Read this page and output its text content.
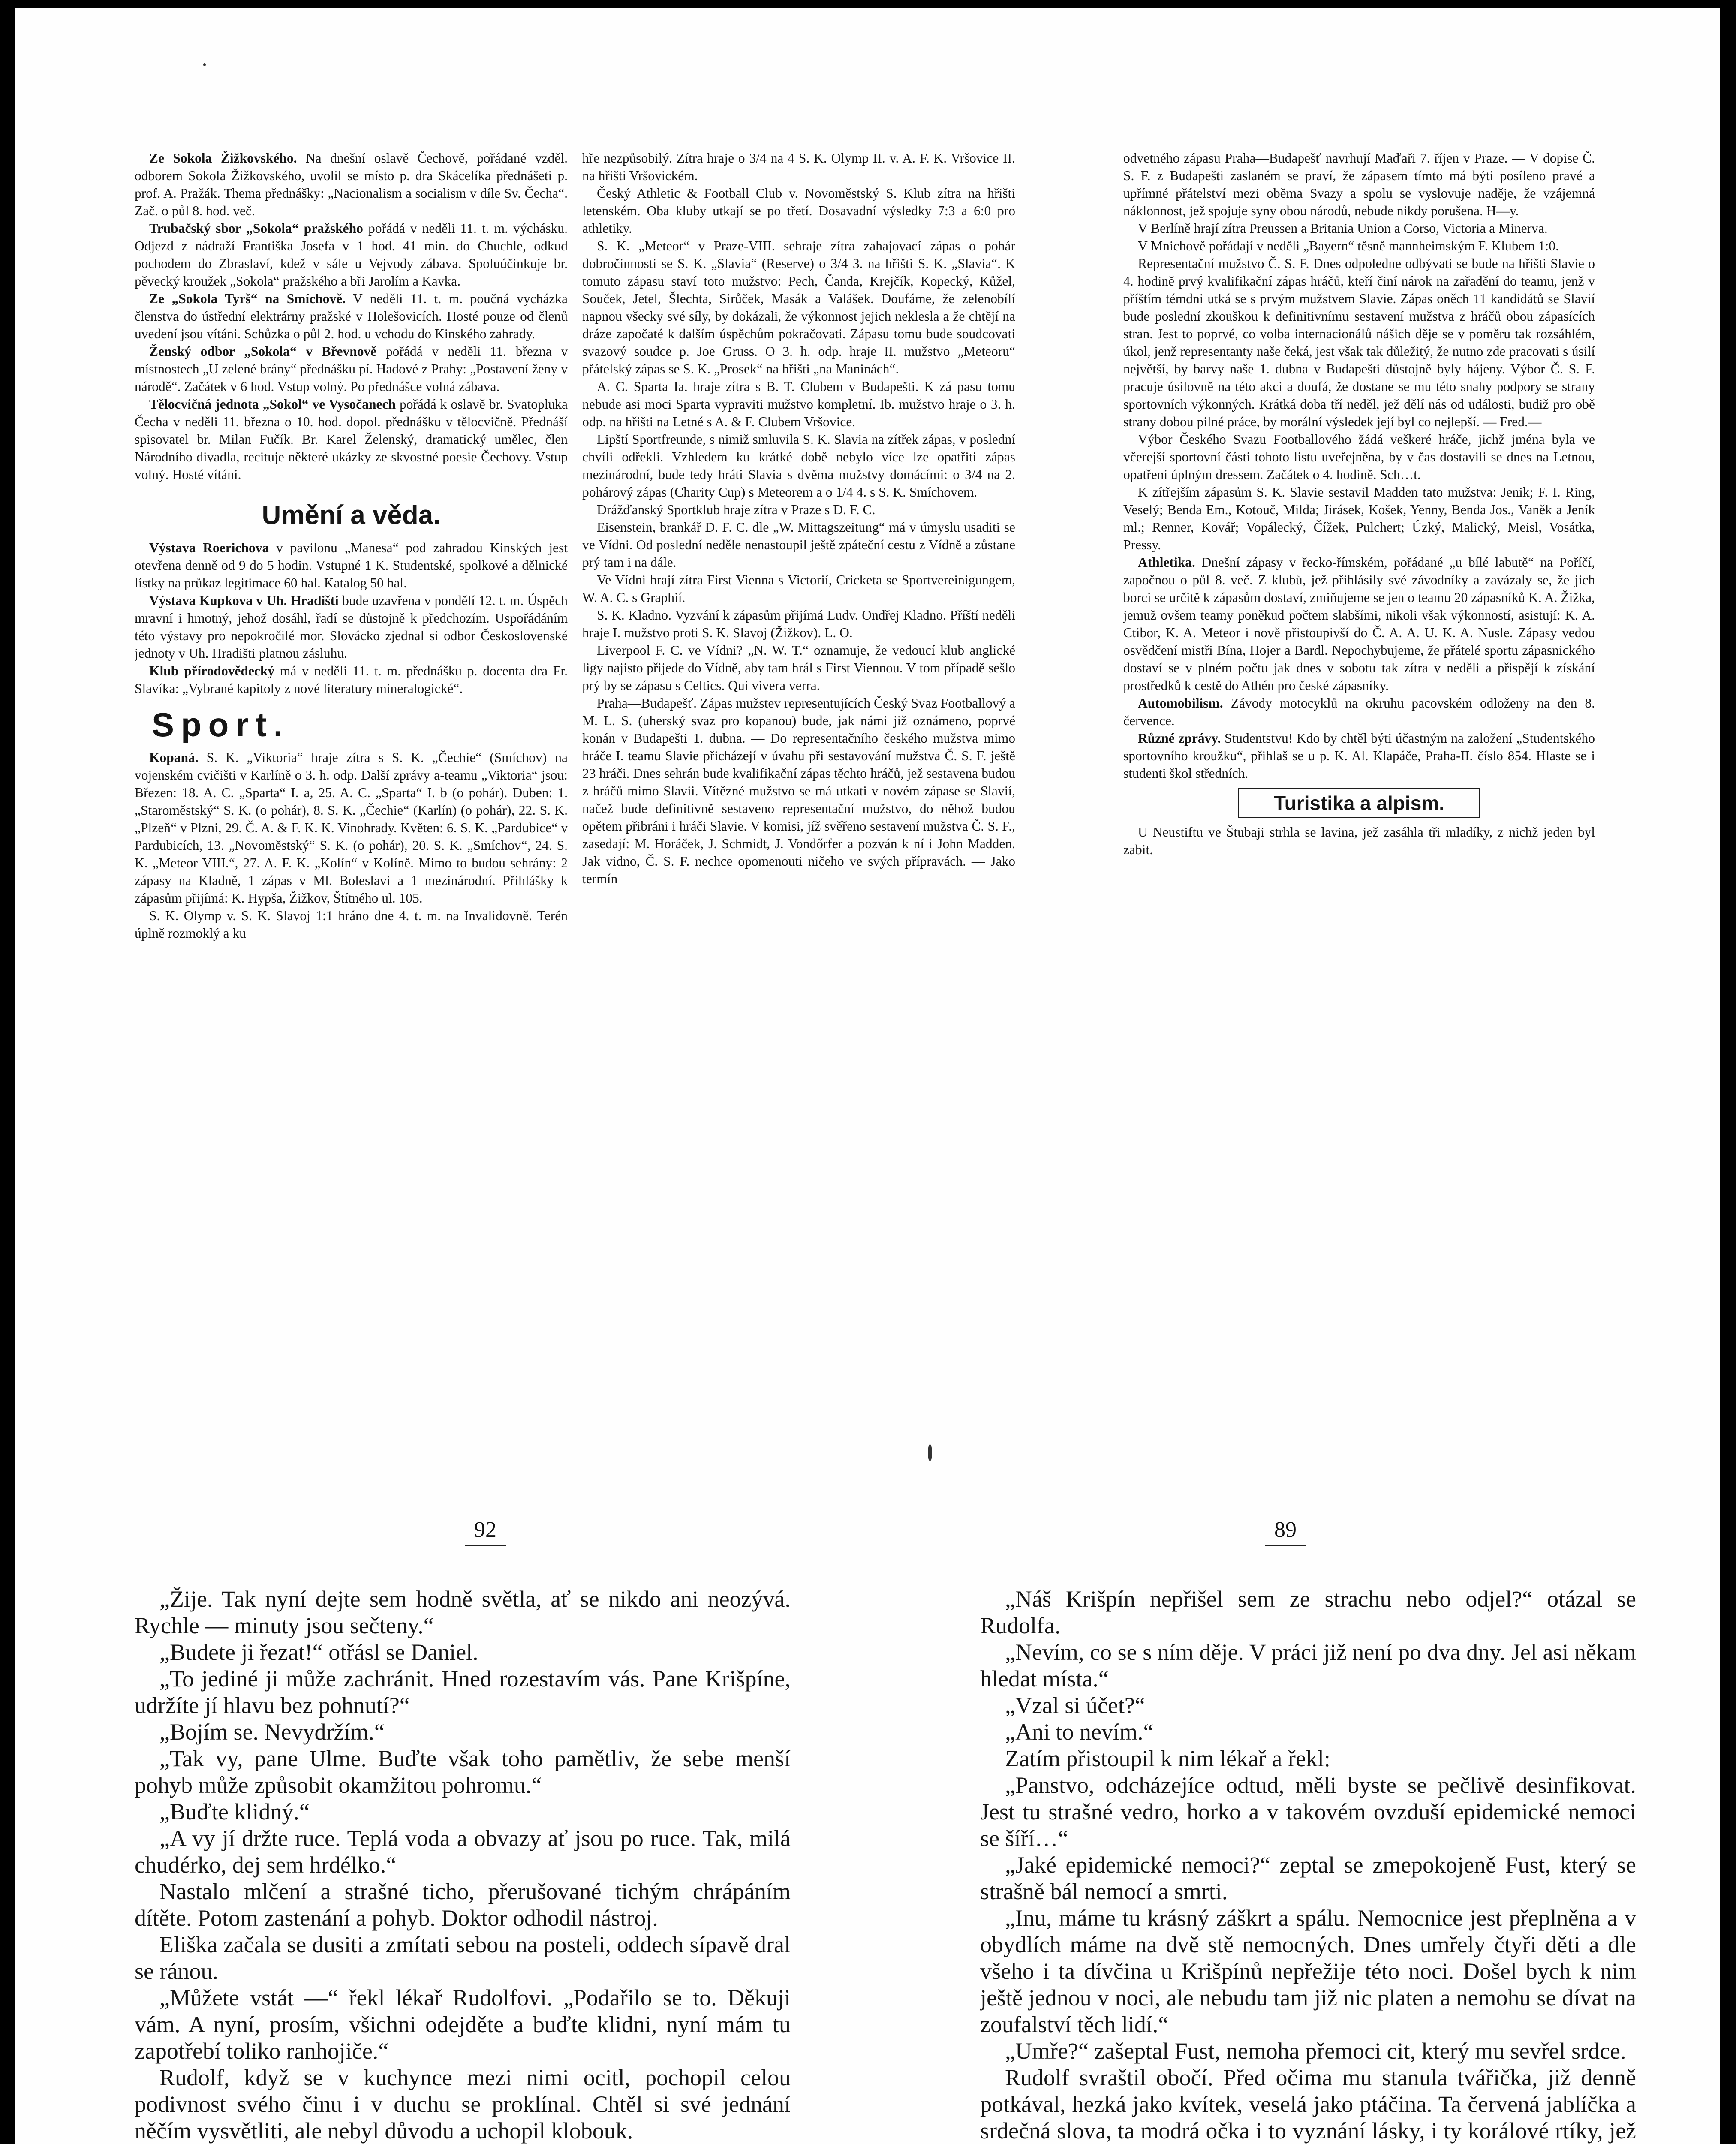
Ze Sokola Žižkovského. Na dnešní oslavě Čechově, pořádané vzděl. odborem Sokola Žižkovského, uvolil se místo p. dra Skácelíka přednášeti p. prof. A. Pražák. Thema přednášky: „Nacionalism a socialism v díle Sv. Čecha“. Zač. o půl 8. hod. več.

Trubačský sbor „Sokola“ pražského pořádá v neděli 11. t. m. výchásku. Odjezd z nádraží Františka Josefa v 1 hod. 41 min. do Chuchle, odkud pochodem do Zbraslaví, kdež v sále u Vejvody zábava. Spoluúčinkuje br. pěvecký kroužek „Sokola“ pražského a bři Jarolím a Kavka.

Ze „Sokola Tyrš“ na Smíchově. V neděli 11. t. m. poučná vycházka členstva do ústřední elektrárny pražské v Holešovicích. Hosté pouze od členů uvedení jsou vítáni. Schůzka o půl 2. hod. u vchodu do Kinského zahrady.

Ženský odbor „Sokola“ v Břevnově pořádá v neděli 11. března v místnostech „U zelené brány“ přednášku pí. Hadové z Prahy: „Postavení ženy v národě“. Začátek v 6 hod. Vstup volný. Po přednášce volná zábava.

Tělocvičná jednota „Sokol“ ve Vysočanech pořádá k oslavě br. Svatopluka Čecha v neděli 11. března o 10. hod. dopol. přednášku v tělocvičně. Přednáší spisovatel br. Milan Fučík. Br. Karel Želenský, dramatický umělec, člen Národního divadla, recituje některé ukázky ze skvostné poesie Čechovy. Vstup volný. Hosté vítáni.

Umění a věda.

Výstava Roerichova v pavilonu „Manesa“ pod zahradou Kinských jest otevřena denně od 9 do 5 hodin. Vstupné 1 K. Studentské, spolkové a dělnické lístky na průkaz legitimace 60 hal. Katalog 50 hal.

Výstava Kupkova v Uh. Hradišti bude uzavřena v pondělí 12. t. m. Úspěch mravní i hmotný, jehož dosáhl, řadí se důstojně k předchozím. Uspořádáním této výstavy pro nepokročilé mor. Slovácko zjednal si odbor Československé jednoty v Uh. Hradišti platnou zásluhu.

Klub přírodovědecký má v neděli 11. t. m. přednášku p. docenta dra Fr. Slavíka: „Vybrané kapitoly z nové literatury mineralogické“.

Sport.

Kopaná. S. K. „Viktoria“ hraje zítra s S. K. „Čechie“ (Smíchov) na vojenském cvičišti v Karlíně o 3. h. odp. Další zprávy a-teamu „Viktoria“ jsou: Březen: 18. A. C. „Sparta“ I. a, 25. A. C. „Sparta“ I. b (o pohár). Duben: 1. „Staroměstský“ S. K. (o pohár), 8. S. K. „Čechie“ (Karlín) (o pohár), 22. S. K. „Plzeň“ v Plzni, 29. Č. A. & F. K. K. Vinohrady. Květen: 6. S. K. „Pardubice“ v Pardubicích, 13. „Novoměstský“ S. K. (o pohár), 20. S. K. „Smíchov“, 24. S. K. „Meteor VIII.“, 27. A. F. K. „Kolín“ v Kolíně. Mimo to budou sehrány: 2 zápasy na Kladně, 1 zápas v Ml. Boleslavi a 1 mezinárodní. Přihlášky k zápasům přijímá: K. Hypša, Žižkov, Štítného ul. 105.

S. K. Olymp v. S. K. Slavoj 1:1 hráno dne 4. t. m. na Invalidovně. Terén úplně rozmoklý a ku

hře nezpůsobilý. Zítra hraje o 3/4 na 4 S. K. Olymp II. v. A. F. K. Vršovice II. na hřišti Vršovickém.

Český Athletic & Football Club v. Novoměstský S. Klub zítra na hřišti letenském. Oba kluby utkají se po třetí. Dosavadní výsledky 7:3 a 6:0 pro athletiky.

S. K. „Meteor“ v Praze-VIII. sehraje zítra zahajovací zápas o pohár dobročinnosti se S. K. „Slavia“ (Reserve) o 3/4 3. na hřišti S. K. „Slavia“. K tomuto zápasu staví toto mužstvo: Pech, Čanda, Krejčík, Kopecký, Kůžel, Souček, Jetel, Šlechta, Sirůček, Masák a Valášek. Doufáme, že zelenobílí napnou všecky své síly, by dokázali, že výkonnost jejich neklesla a že chtějí na dráze započaté k dalším úspěchům pokračovati. Zápasu tomu bude soudcovati svazový soudce p. Joe Gruss. O 3. h. odp. hraje II. mužstvo „Meteoru“ přátelský zápas se S. K. „Prosek“ na hřišti „na Maninách“.

A. C. Sparta Ia. hraje zítra s B. T. Clubem v Budapešti. K zá pasu tomu nebude asi moci Sparta vypraviti mužstvo kompletní. Ib. mužstvo hraje o 3. h. odp. na hřišti na Letné s A. & F. Clubem Vršovice.

Lipští Sportfreunde, s nimiž smluvila S. K. Slavia na zítřek zápas, v poslední chvíli odřekli. Vzhledem ku krátké době nebylo více lze opatřiti zápas mezinárodní, bude tedy hráti Slavia s dvěma mužstvy domácími: o 3/4 na 2. pohárový zápas (Charity Cup) s Meteorem a o 1/4 4. s S. K. Smíchovem.

Drážďanský Sportklub hraje zítra v Praze s D. F. C.

Eisenstein, brankář D. F. C. dle „W. Mittagszeitung“ má v úmyslu usaditi se ve Vídni. Od poslední neděle nenastoupil ještě zpáteční cestu z Vídně a zůstane prý tam i na dále.

Ve Vídni hrají zítra First Vienna s Victorií, Cricketa se Sportvereinigungem, W. A. C. s Graphií.

S. K. Kladno. Vyzvání k zápasům přijímá Ludv. Ondřej Kladno. Příští neděli hraje I. mužstvo proti S. K. Slavoj (Žižkov). L. O.

Liverpool F. C. ve Vídni? „N. W. T.“ oznamuje, že vedoucí klub anglické ligy najisto přijede do Vídně, aby tam hrál s First Viennou. V tom případě sešlo prý by se zápasu s Celtics. Qui vivera verra.

Praha—Budapešť. Zápas mužstev representujících Český Svaz Footballový a M. L. S. (uherský svaz pro kopanou) bude, jak námi již oznámeno, poprvé konán v Budapešti 1. dubna. — Do representačního českého mužstva mimo hráče I. teamu Slavie přicházejí v úvahu při sestavování mužstva Č. S. F. ještě 23 hráči. Dnes sehrán bude kvalifikační zápas těchto hráčů, jež sestavena budou z hráčů mimo Slavii. Vítězné mužstvo se má utkati v novém zápase se Slavií, načež bude definitivně sestaveno representační mužstvo, do něhož budou opětem přibráni i hráči Slavie. V komisi, jíž svěřeno sestavení mužstva Č. S. F., zasedají: M. Horáček, J. Schmidt, J. Vondőrfer a pozván k ní i John Madden. Jak vidno, Č. S. F. nechce opomenouti ničeho ve svých přípravách. — Jako termín

odvetného zápasu Praha—Budapešť navrhují Maďaři 7. říjen v Praze. — V dopise Č. S. F. z Budapešti zaslaném se praví, že zápasem tímto má býti posíleno pravé a upřímné přátelství mezi oběma Svazy a spolu se vyslovuje naděje, že vzájemná náklonnost, jež spojuje syny obou národů, nebude nikdy porušena. H—y.

V Berlíně hrají zítra Preussen a Britania Union a Corso, Victoria a Minerva.

V Mnichově pořádají v neděli „Bayern“ těsně mannheimským F. Klubem 1:0.

Representační mužstvo Č. S. F. Dnes odpoledne odbývati se bude na hřišti Slavie o 4. hodině prvý kvalifikační zápas hráčů, kteří činí nárok na zařadění do teamu, jenž v příštím témdni utká se s prvým mužstvem Slavie. Zápas oněch 11 kandidátů se Slavií bude poslední zkouškou k definitivnímu sestavení mužstva z hráčů obou zápasících stran. Jest to poprvé, co volba internacionálů nášich děje se v poměru tak rozsáhlém, úkol, jenž representanty naše čeká, jest však tak důležitý, že nutno zde pracovati s úsilí největší, by barvy naše 1. dubna v Budapešti důstojně byly hájeny. Výbor Č. S. F. pracuje úsilovně na této akci a doufá, že dostane se mu této snahy podpory se strany sportovních výkonných. Krátká doba tří neděl, jež dělí nás od události, budiž pro obě strany dobou pilné práce, by morální výsledek její byl co nejlepší. — Fred.—

Výbor Českého Svazu Footballového žádá veškeré hráče, jichž jména byla ve včerejší sportovní části tohoto listu uveřejněna, by v čas dostavili se dnes na Letnou, opatřeni úplným dressem. Začátek o 4. hodině. Sch…t.

K zítřejším zápasům S. K. Slavie sestavil Madden tato mužstva: Jenik; F. I. Ring, Veselý; Benda Em., Kotouč, Milda; Jirásek, Košek, Yenny, Benda Jos., Vaněk a Jeník ml.; Renner, Kovář; Vopálecký, Čížek, Pulchert; Úzký, Malický, Meisl, Vosátka, Pressy.

Athletika. Dnešní zápasy v řecko-římském, pořádané „u bílé labutě“ na Poříčí, započnou o půl 8. več. Z klubů, jež přihlásily své závodníky a zavázaly se, že jich borci se určitě k zápasům dostaví, zmiňujeme se jen o teamu 20 zápasníků K. A. Žižka, jemuž ovšem teamy poněkud počtem slabšími, nikoli však výkonností, asistují: K. A. Ctibor, K. A. Meteor i nově přistoupivší do Č. A. A. U. K. A. Nusle. Zápasy vedou osvědčení mistři Bína, Hojer a Bardl. Nepochybujeme, že přátelé sportu zápasnického dostaví se v plném počtu jak dnes v sobotu tak zítra v neděli a přispějí k získání prostředků k cestě do Athén pro české zápasníky.

Automobilism. Závody motocyklů na okruhu pacovském odloženy na den 8. července.

Různé zprávy. Studentstvu! Kdo by chtěl býti účastným na založení „Studentského sportovního kroužku“, přihlaš se u p. K. Al. Klapáče, Praha-II. číslo 854. Hlaste se i studenti škol středních.

Turistika a alpism.

U Neustiftu ve Štubaji strhla se lavina, jež zasáhla tři mladíky, z nichž jeden byl zabit.

92	89

„Žije. Tak nyní dejte sem hodně světla, ať se nikdo ani neozývá. Rychle — minuty jsou sečteny.“

„Budete ji řezat!“ otřásl se Daniel.

„To jediné ji může zachránit. Hned rozestavím vás. Pane Krišpíne, udržíte jí hlavu bez pohnutí?“

„Bojím se. Nevydržím.“

„Tak vy, pane Ulme. Buďte však toho pamětliv, že sebe menší pohyb může způsobit okamžitou pohromu.“

„Buďte klidný.“

„A vy jí držte ruce. Teplá voda a obvazy ať jsou po ruce. Tak, milá chudérko, dej sem hrdélko.“

Nastalo mlčení a strašné ticho, přerušované tichým chrápáním dítěte. Potom zastenání a pohyb. Doktor odhodil nástroj.

Eliška začala se dusiti a zmítati sebou na posteli, oddech sípavě dral se ránou.

„Můžete vstát —“ řekl lékař Rudolfovi. „Podařilo se to. Děkuji vám. A nyní, prosím, všichni odejděte a buďte klidni, nyní mám tu zapotřebí toliko ranhojiče.“

Rudolf, když se v kuchynce mezi nimi ocitl, pochopil celou podivnost svého činu i v duchu se proklínal. Chtěl si své jednání něčím vysvětliti, ale nebyl důvodu a uchopil klobouk.

„Náš Krišpín nepřišel sem ze strachu nebo odjel?“ otázal se Rudolfa.

„Nevím, co se s ním děje. V práci již není po dva dny. Jel asi někam hledat místa.“

„Vzal si účet?“

„Ani to nevím.“

Zatím přistoupil k nim lékař a řekl:

„Panstvo, odcházejíce odtud, měli byste se pečlivě desinfikovat. Jest tu strašné vedro, horko a v takovém ovzduší epidemické nemoci se šíří…“

„Jaké epidemické nemoci?“ zeptal se zmepokojeně Fust, který se strašně bál nemocí a smrti.

„Inu, máme tu krásný záškrt a spálu. Nemocnice jest přeplněna a v obydlích máme na dvě stě nemocných. Dnes umřely čtyři děti a dle všeho i ta dívčina u Krišpínů nepřežije této noci. Došel bych k nim ještě jednou v noci, ale nebudu tam již nic platen a nemohu se dívat na zoufalství těch lidí.“

„Umře?“ zašeptal Fust, nemoha přemoci cit, který mu sevřel srdce.

Rudolf svraštil obočí. Před očima mu stanula tvářička, již denně potkával, hezká jako kvítek, veselá jako ptáčina. Ta červená jablíčka a srdečná slova, ta modrá očka i to vyznání lásky, i ty korálové rtíky, jež
